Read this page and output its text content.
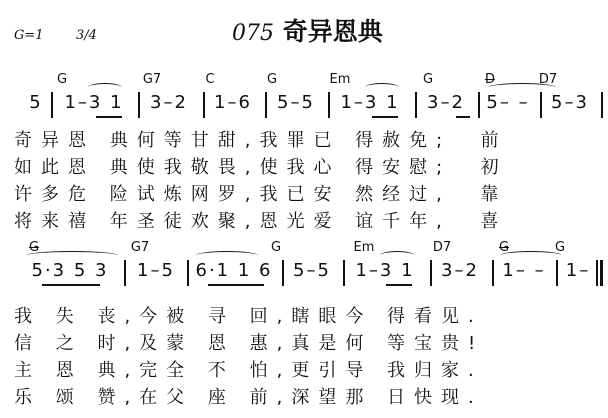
G=1 3/4	075 奇异恩典
G	G7	C	G	Em	G	D	D7
5 1–3 1 3–2 1–6 5–5 1–3 1 3–2 5– – 5–3
奇异恩 典何等甘甜,我罪已 得赦免;  前
如此恩 典使我敬畏,使我心 得安慰;  初
许多危 险试炼网罗,我已安 然经过,  靠
将来禧 年圣徒欢聚,恩光爱 谊千年,  喜
G	G7	G	Em	D7	G	G
5·3 5 3 1–5 6·1 1 6 5–5 1–3 1 3–2 1– – 1–
我 失 丧,今被 寻 回,瞎眼今 得看见.
信 之 时,及蒙 恩 惠,真是何 等宝贵!
主 恩 典,完全 不 怕,更引导 我归家.
乐 颂 赞,在父 座 前,深望那 日快现.
